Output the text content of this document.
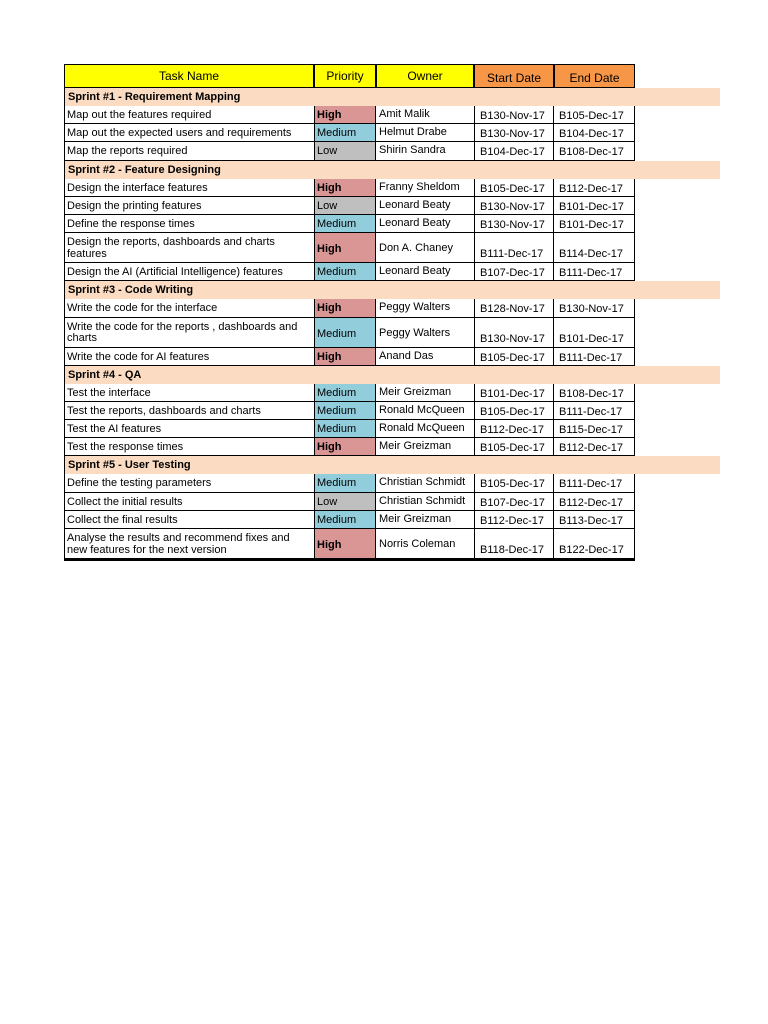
Task Name	Priority	Owner	Start Date	End Date
Sprint #1 - Requirement Mapping
Map out the features required	High	Amit Malik	B130-Nov-17	B105-Dec-17
Map out the expected users and requirements	Medium	Helmut Drabe	B130-Nov-17	B104-Dec-17
Map the reports required	Low	Shirin Sandra	B104-Dec-17	B108-Dec-17
Sprint #2 - Feature Designing
Design the interface features	High	Franny Sheldom	B105-Dec-17	B112-Dec-17
Design the printing features	Low	Leonard Beaty	B130-Nov-17	B101-Dec-17
Define the response times	Medium	Leonard Beaty	B130-Nov-17	B101-Dec-17
Design the reports, dashboards and charts features	High	Don A. Chaney	B111-Dec-17	B114-Dec-17
Design the AI (Artificial Intelligence) features	Medium	Leonard Beaty	B107-Dec-17	B111-Dec-17
Sprint #3 - Code Writing
Write the code for the interface	High	Peggy Walters	B128-Nov-17	B130-Nov-17
Write the code for the reports , dashboards and charts	Medium	Peggy Walters	B130-Nov-17	B101-Dec-17
Write the code for AI features	High	Anand Das	B105-Dec-17	B111-Dec-17
Sprint #4 - QA
Test the interface	Medium	Meir Greizman	B101-Dec-17	B108-Dec-17
Test the reports, dashboards and charts	Medium	Ronald McQueen	B105-Dec-17	B111-Dec-17
Test the AI features	Medium	Ronald McQueen	B112-Dec-17	B115-Dec-17
Test the response times	High	Meir Greizman	B105-Dec-17	B112-Dec-17
Sprint #5 - User Testing
Define the testing parameters	Medium	Christian Schmidt	B105-Dec-17	B111-Dec-17
Collect the initial results	Low	Christian Schmidt	B107-Dec-17	B112-Dec-17
Collect the final results	Medium	Meir Greizman	B112-Dec-17	B113-Dec-17
Analyse the results and recommend fixes and new features for the next version	High	Norris Coleman	B118-Dec-17	B122-Dec-17
